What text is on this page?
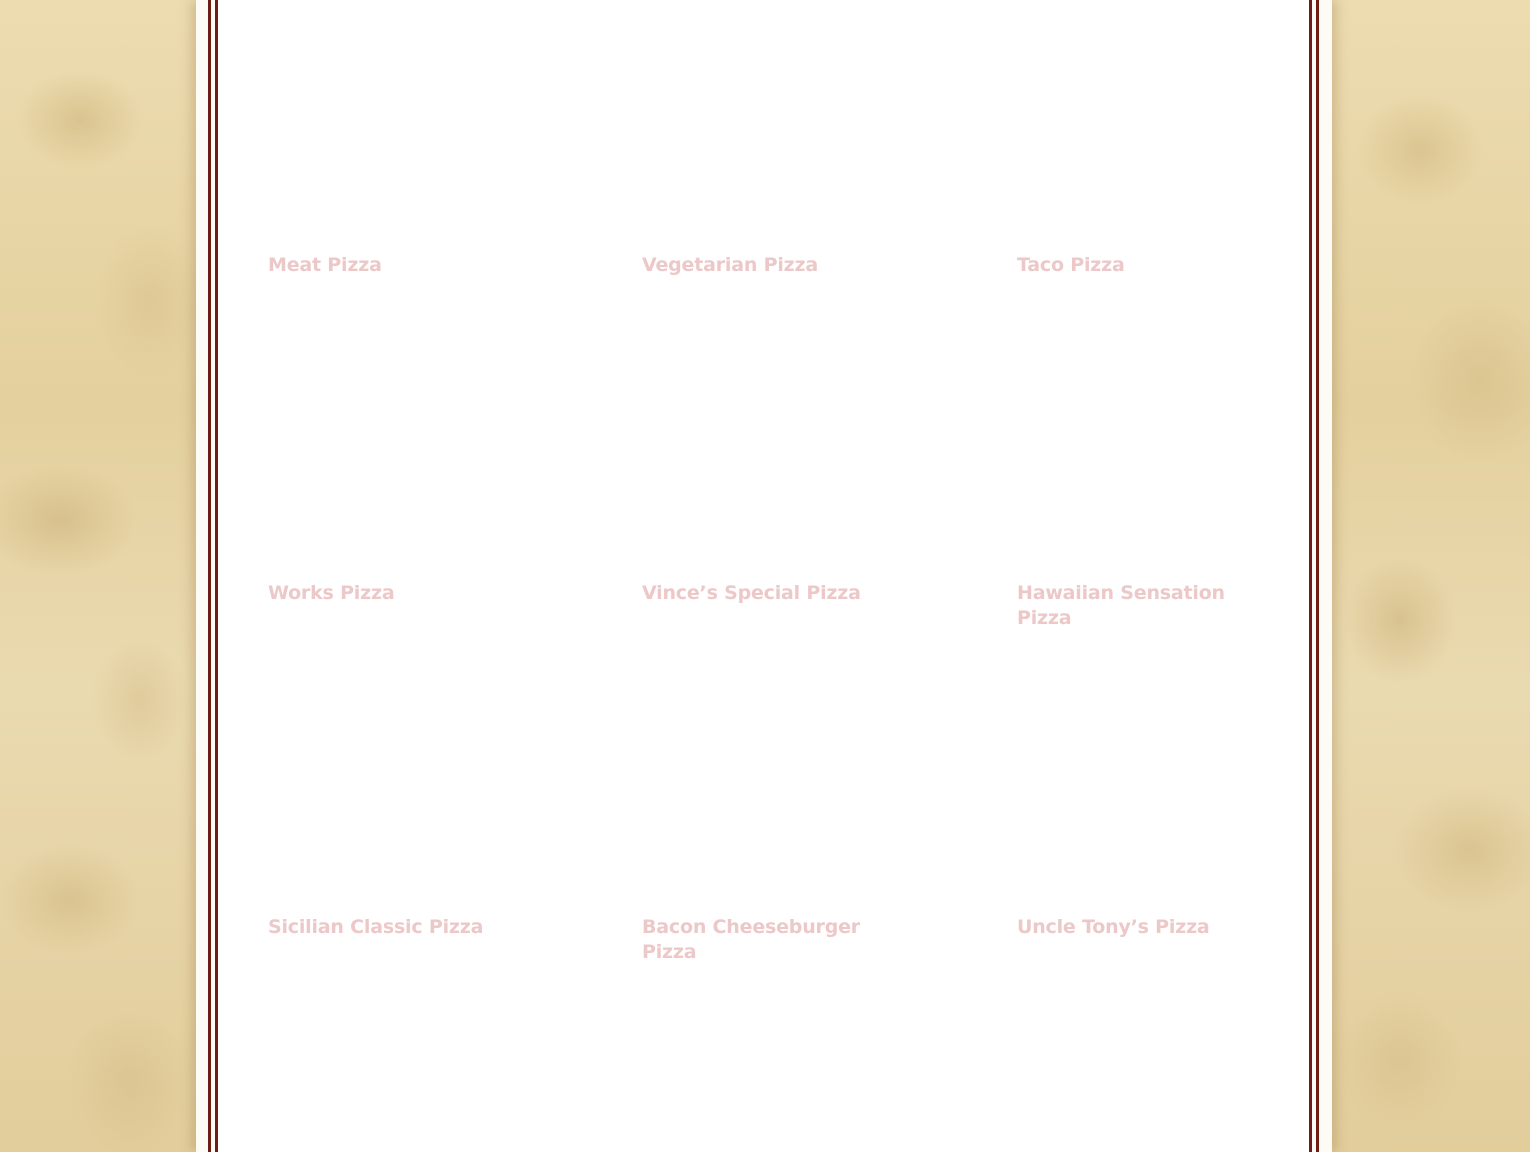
Meat Pizza	Vegetarian Pizza	Taco Pizza
Works Pizza	Vince’s Special Pizza	Hawaiian Sensation Pizza
Sicilian Classic Pizza	Bacon Cheeseburger Pizza
Uncle Tony’s Pizza
